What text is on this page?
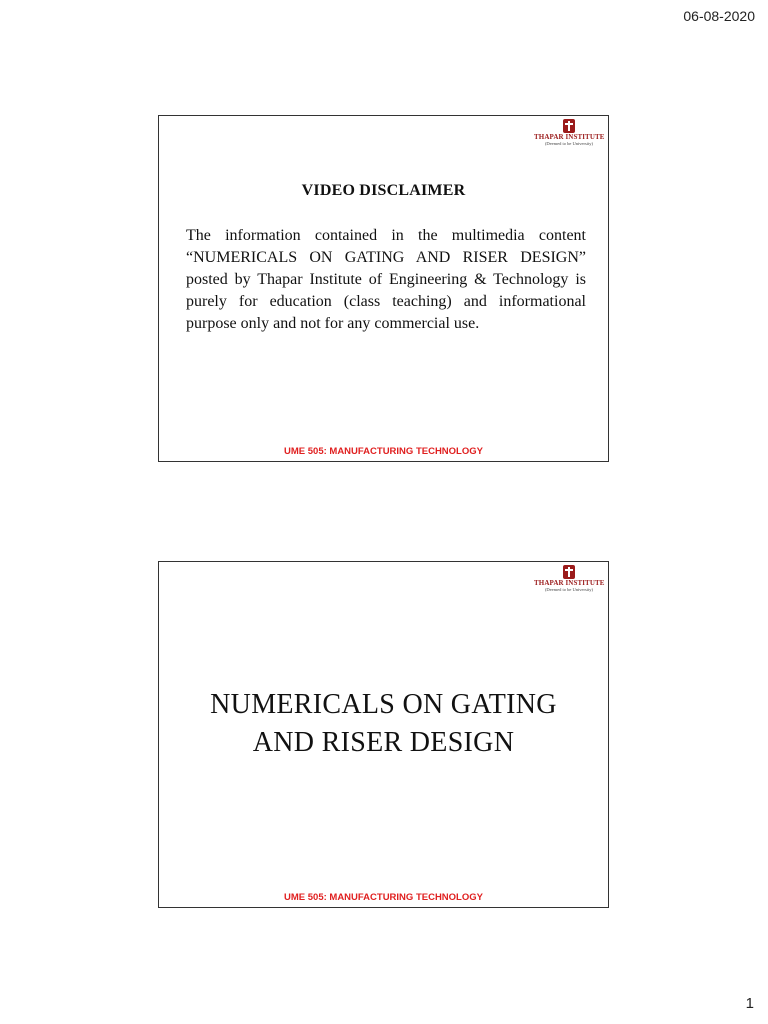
06-08-2020
THAPAR INSTITUTE
(Deemed to be University)
VIDEO DISCLAIMER

The information contained in the multimedia content “NUMERICALS ON GATING AND RISER DESIGN” posted by Thapar Institute of Engineering & Technology is purely for education (class teaching) and informational purpose only and not for any commercial use.

UME 505: MANUFACTURING TECHNOLOGY
THAPAR INSTITUTE
(Deemed to be University)
NUMERICALS ON GATING
AND RISER DESIGN
UME 505: MANUFACTURING TECHNOLOGY
1
